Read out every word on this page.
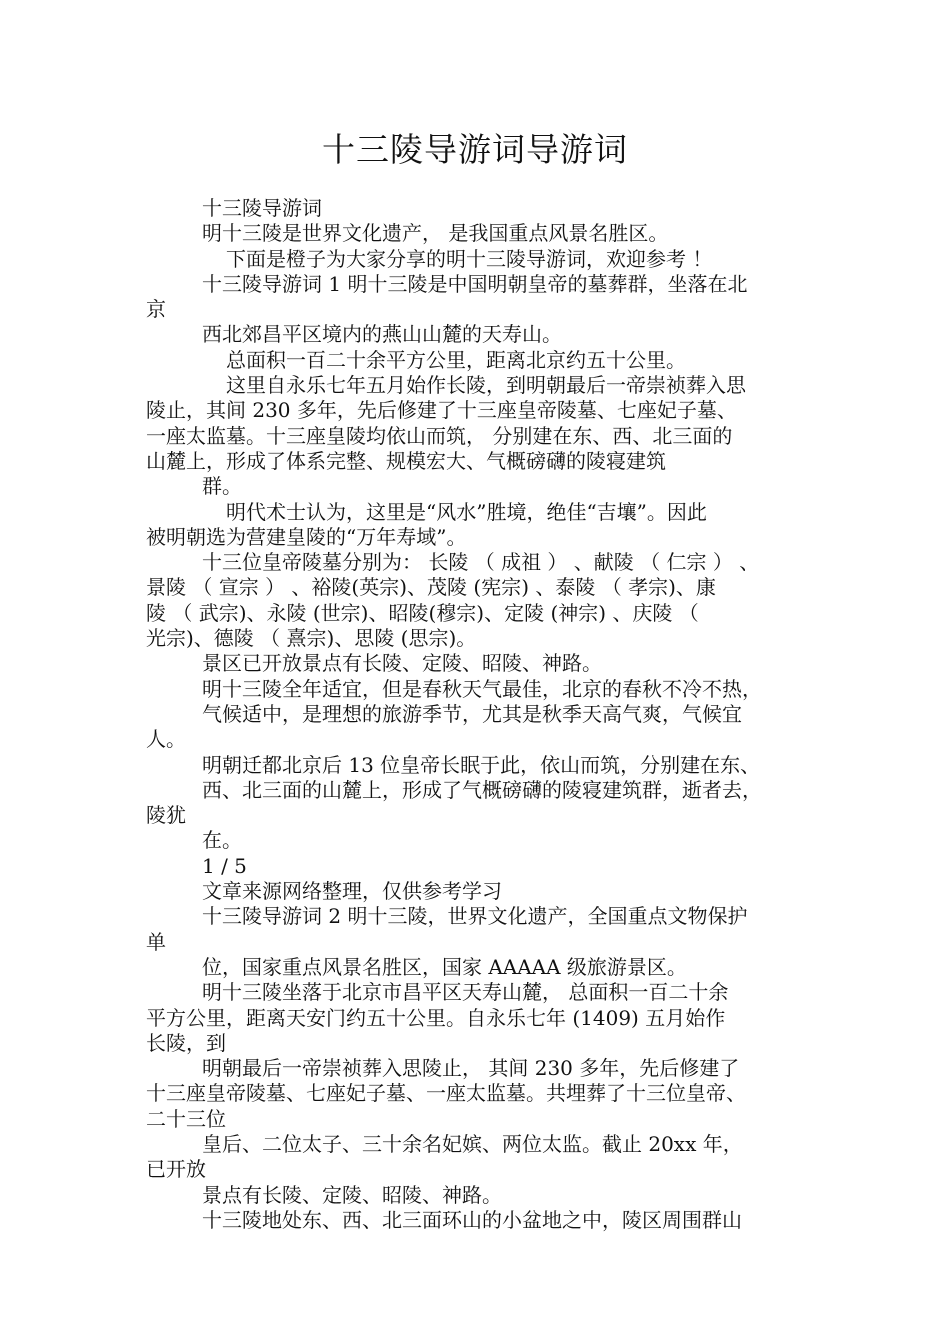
十三陵导游词导游词
十三陵导游词
明十三陵是世界文化遗产， 是我国重点风景名胜区。
下面是橙子为大家分享的明十三陵导游词，欢迎参考 ！
十三陵导游词 1 明十三陵是中国明朝皇帝的墓葬群，坐落在北
京
西北郊昌平区境内的燕山山麓的天寿山。
总面积一百二十余平方公里，距离北京约五十公里。
这里自永乐七年五月始作长陵，到明朝最后一帝崇祯葬入思
陵止，其间 230 多年，先后修建了十三座皇帝陵墓、七座妃子墓、
一座太监墓。十三座皇陵均依山而筑， 分别建在东、西、北三面的
山麓上，形成了体系完整、规模宏大、气概磅礴的陵寝建筑
群。
明代术士认为，这里是“风水”胜境，绝佳“吉壤”。因此
被明朝选为营建皇陵的“万年寿域”。
十三位皇帝陵墓分别为： 长陵 （ 成祖 ） 、献陵 （ 仁宗 ） 、
景陵 （ 宣宗 ） 、裕陵(英宗)、茂陵 (宪宗) 、泰陵 （ 孝宗)、康
陵 （ 武宗)、永陵 (世宗)、昭陵(穆宗)、定陵 (神宗) 、庆陵 （
光宗)、德陵 （ 熹宗)、思陵 (思宗)。
景区已开放景点有长陵、定陵、昭陵、神路。
明十三陵全年适宜，但是春秋天气最佳，北京的春秋不冷不热，
气候适中，是理想的旅游季节，尤其是秋季天高气爽，气候宜
人。
明朝迁都北京后 13 位皇帝长眠于此，依山而筑，分别建在东、
西、北三面的山麓上，形成了气概磅礴的陵寝建筑群，逝者去，
陵犹
在。
1 / 5
文章来源网络整理，仅供参考学习
十三陵导游词 2 明十三陵，世界文化遗产，全国重点文物保护
单
位，国家重点风景名胜区，国家 AAAAA 级旅游景区。
明十三陵坐落于北京市昌平区天寿山麓， 总面积一百二十余
平方公里，距离天安门约五十公里。自永乐七年 (1409) 五月始作
长陵，到
明朝最后一帝崇祯葬入思陵止， 其间 230 多年，先后修建了
十三座皇帝陵墓、七座妃子墓、一座太监墓。共埋葬了十三位皇帝、
二十三位
皇后、二位太子、三十余名妃嫔、两位太监。截止 20xx 年，
已开放
景点有长陵、定陵、昭陵、神路。
十三陵地处东、西、北三面环山的小盆地之中，陵区周围群山
